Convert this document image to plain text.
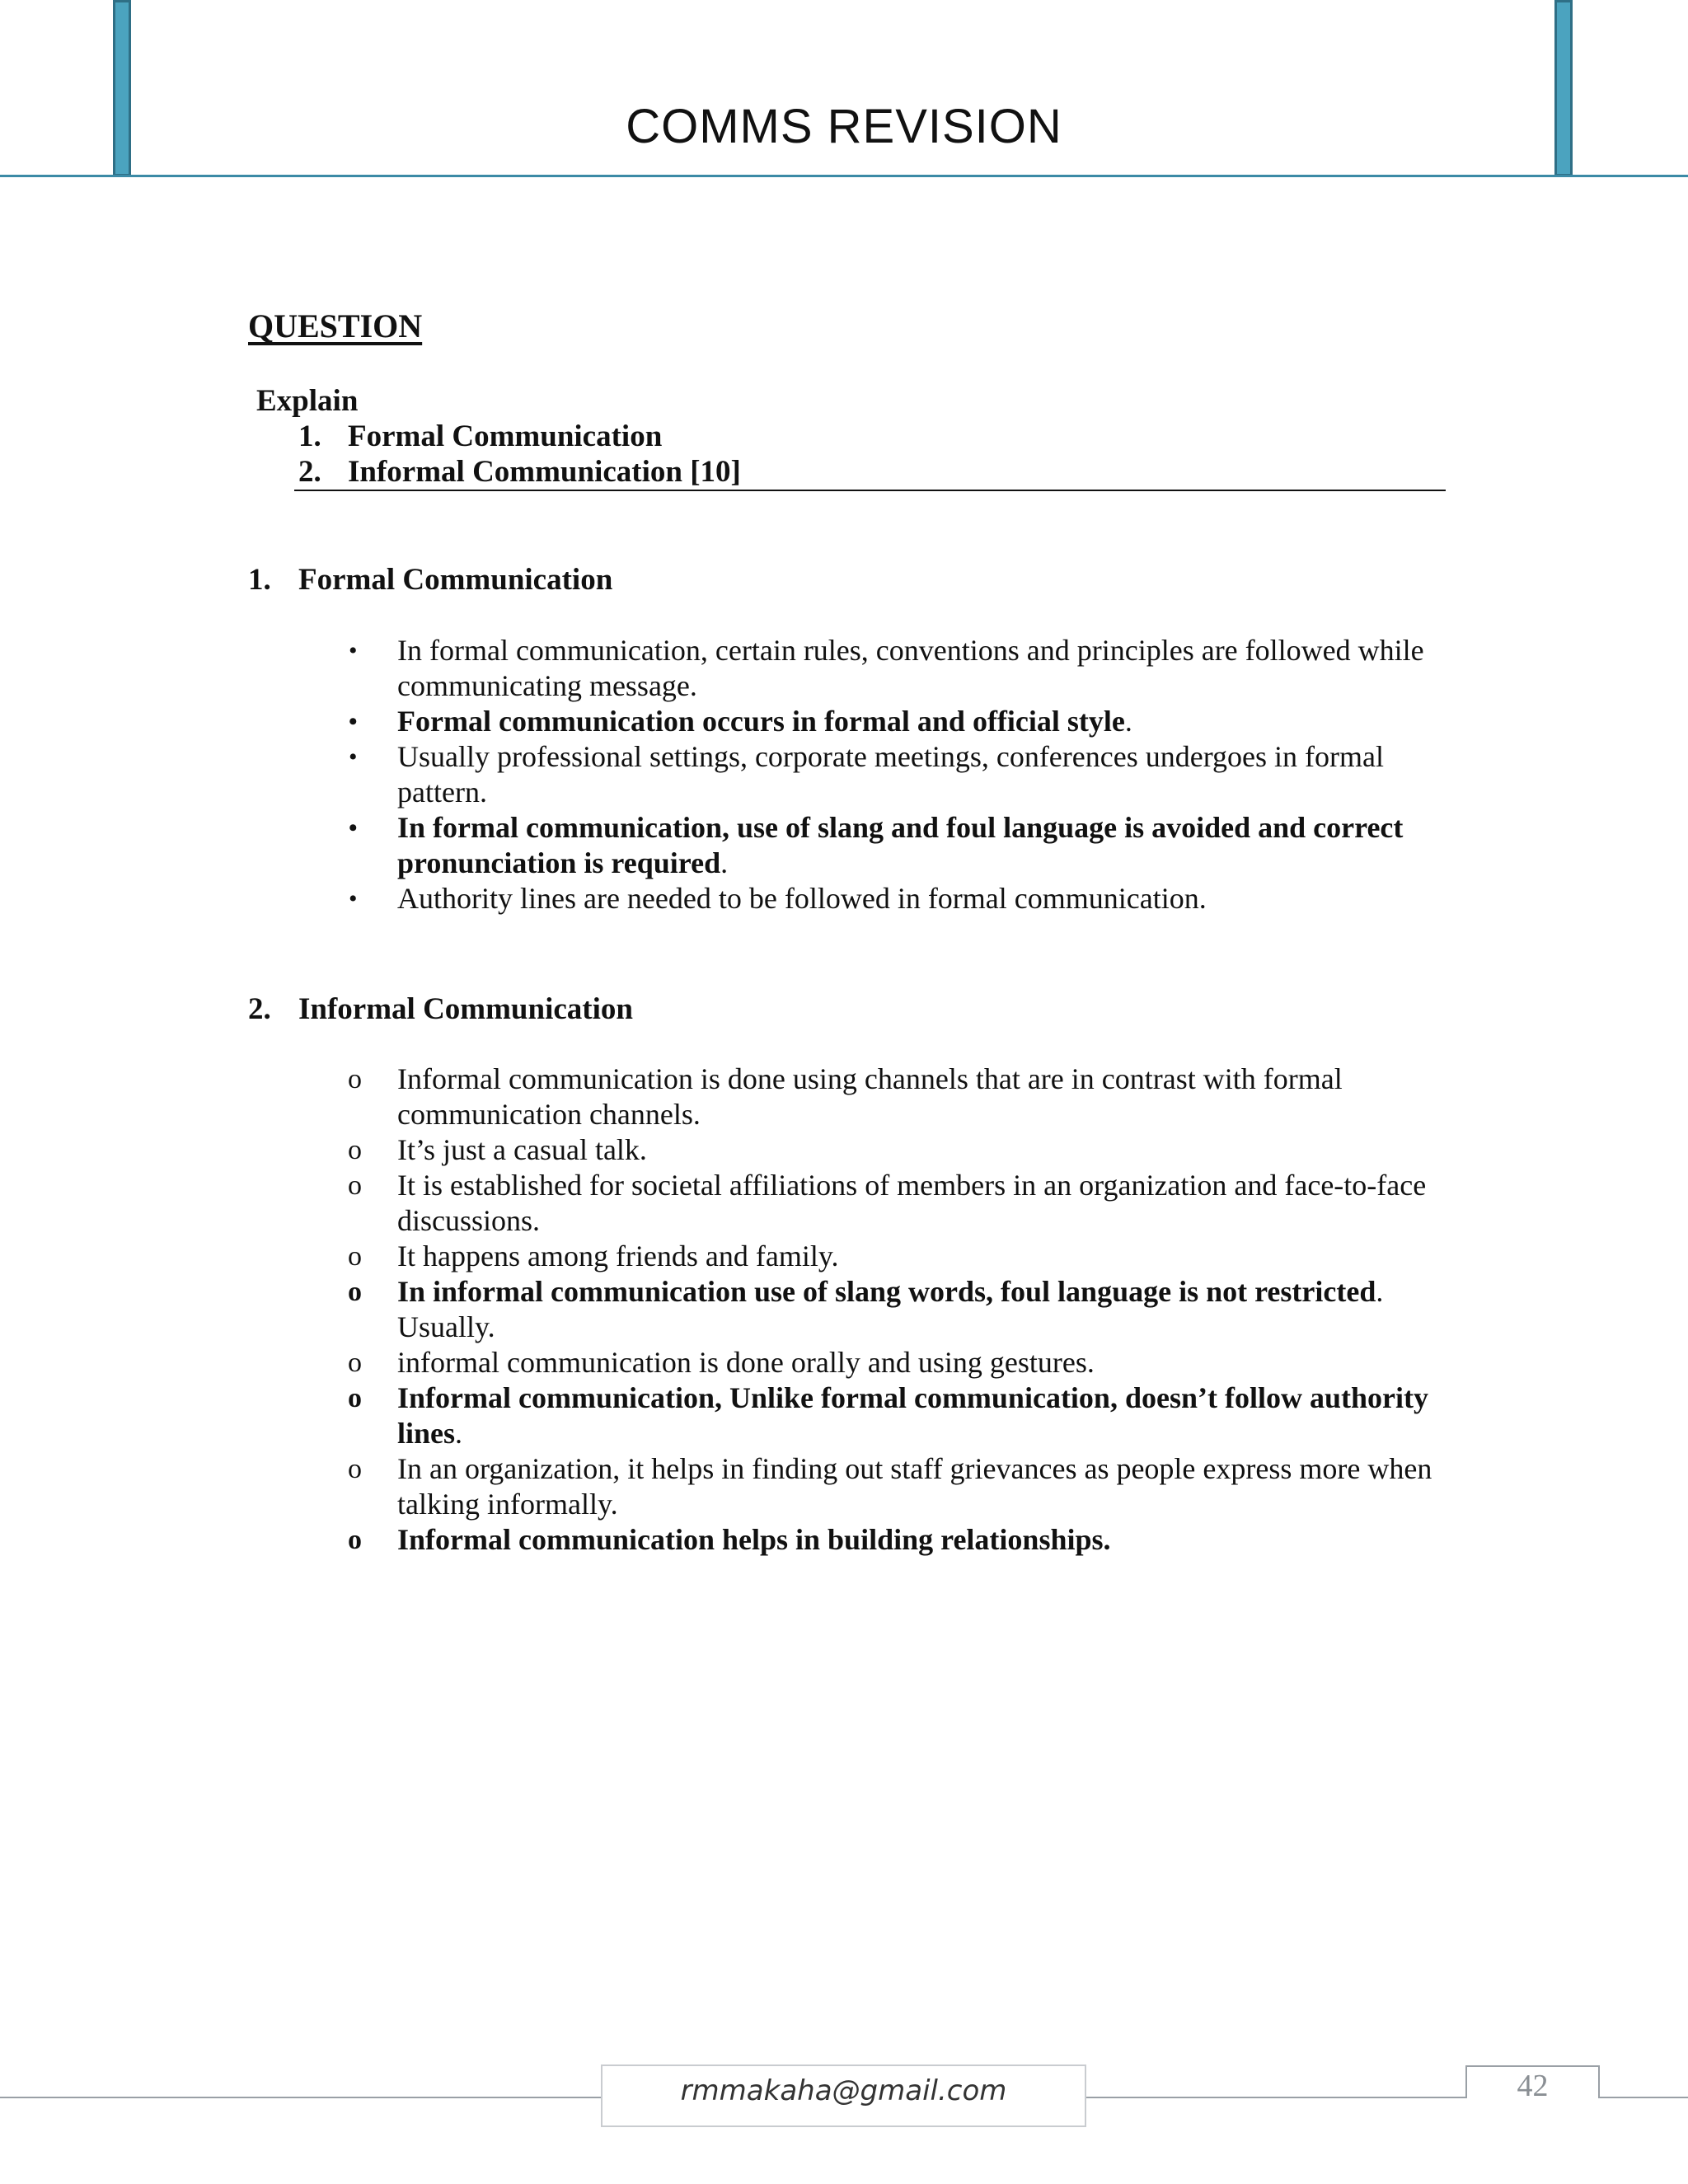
COMMS REVISION
QUESTION
Explain
1. Formal Communication
2. Informal Communication [10]
1. Formal Communication
• In formal communication, certain rules, conventions and principles are followed while communicating message.
• Formal communication occurs in formal and official style.
• Usually professional settings, corporate meetings, conferences undergoes in formal pattern.
• In formal communication, use of slang and foul language is avoided and correct pronunciation is required.
• Authority lines are needed to be followed in formal communication.
2. Informal Communication
o Informal communication is done using channels that are in contrast with formal communication channels.
o It’s just a casual talk.
o It is established for societal affiliations of members in an organization and face-to-face discussions.
o It happens among friends and family.
o In informal communication use of slang words, foul language is not restricted. Usually.
o informal communication is done orally and using gestures.
o Informal communication, Unlike formal communication, doesn’t follow authority lines.
o In an organization, it helps in finding out staff grievances as people express more when talking informally.
o Informal communication helps in building relationships.
rmmakaha@gmail.com	42
